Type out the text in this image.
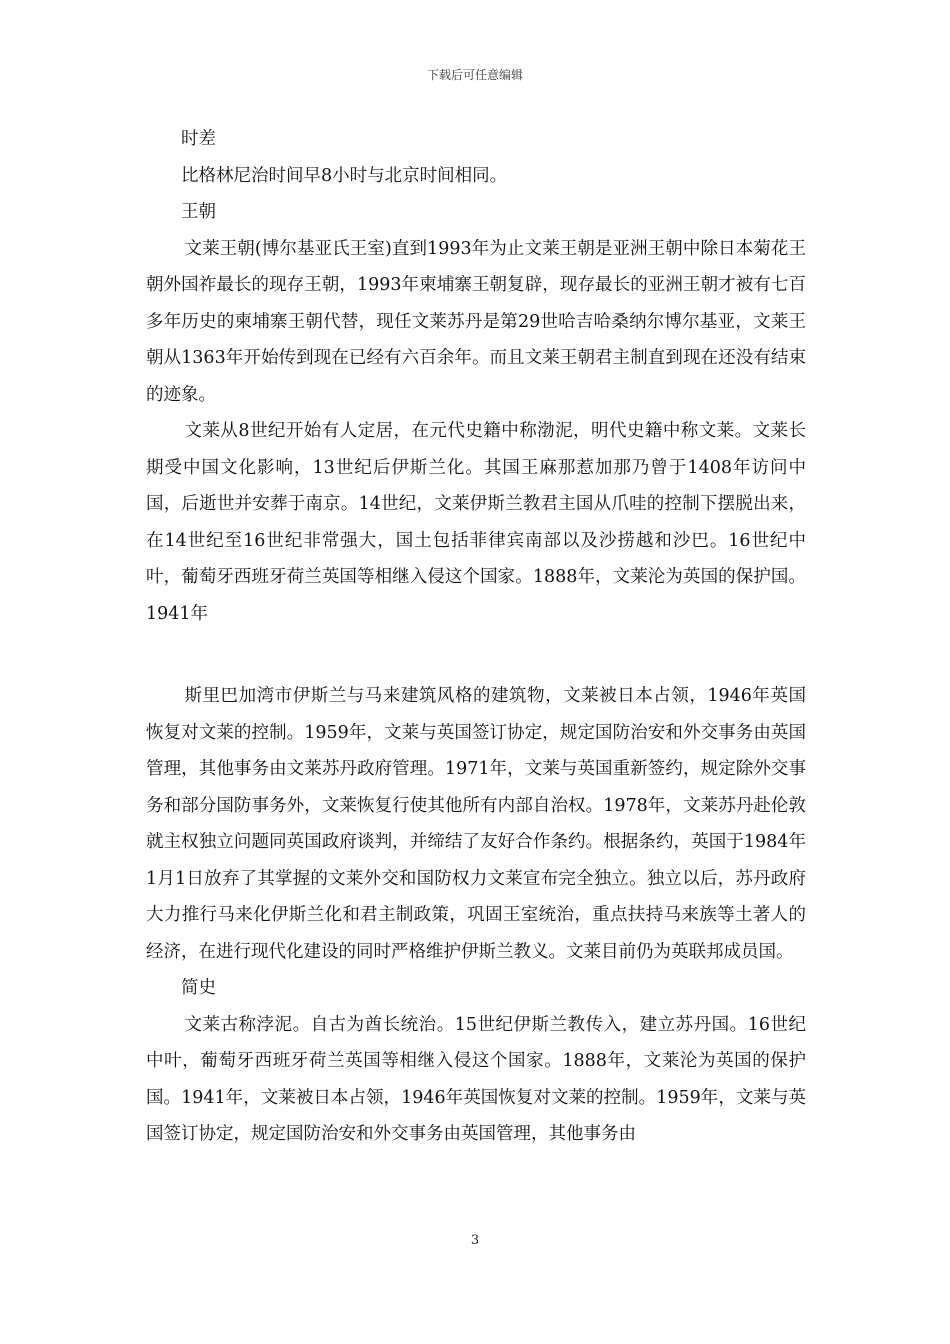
下载后可任意编辑

时差

比格林尼治时间早8小时与北京时间相同。

王朝

文莱王朝(博尔基亚氏王室)直到1993年为止文莱王朝是亚洲王朝中除日本菊花王朝外国祚最长的现存王朝，1993年柬埔寨王朝复辟，现存最长的亚洲王朝才被有七百多年历史的柬埔寨王朝代替，现任文莱苏丹是第29世哈吉哈桑纳尔博尔基亚，文莱王朝从1363年开始传到现在已经有六百余年。而且文莱王朝君主制直到现在还没有结束的迹象。

文莱从8世纪开始有人定居，在元代史籍中称渤泥，明代史籍中称文莱。文莱长期受中国文化影响，13世纪后伊斯兰化。其国王麻那惹加那乃曾于1408年访问中国，后逝世并安葬于南京。14世纪，文莱伊斯兰教君主国从爪哇的控制下摆脱出来，在14世纪至16世纪非常强大，国土包括菲律宾南部以及沙捞越和沙巴。16世纪中叶，葡萄牙西班牙荷兰英国等相继入侵这个国家。1888年，文莱沦为英国的保护国。1941年

斯里巴加湾市伊斯兰与马来建筑风格的建筑物，文莱被日本占领，1946年英国恢复对文莱的控制。1959年，文莱与英国签订协定，规定国防治安和外交事务由英国管理，其他事务由文莱苏丹政府管理。1971年，文莱与英国重新签约，规定除外交事务和部分国防事务外，文莱恢复行使其他所有内部自治权。1978年，文莱苏丹赴伦敦就主权独立问题同英国政府谈判，并缔结了友好合作条约。根据条约，英国于1984年1月1日放弃了其掌握的文莱外交和国防权力文莱宣布完全独立。独立以后，苏丹政府大力推行马来化伊斯兰化和君主制政策，巩固王室统治，重点扶持马来族等土著人的经济，在进行现代化建设的同时严格维护伊斯兰教义。文莱目前仍为英联邦成员国。

简史

文莱古称浡泥。自古为酋长统治。15世纪伊斯兰教传入，建立苏丹国。16世纪中叶，葡萄牙西班牙荷兰英国等相继入侵这个国家。1888年，文莱沦为英国的保护国。1941年，文莱被日本占领，1946年英国恢复对文莱的控制。1959年，文莱与英国签订协定，规定国防治安和外交事务由英国管理，其他事务由

3
